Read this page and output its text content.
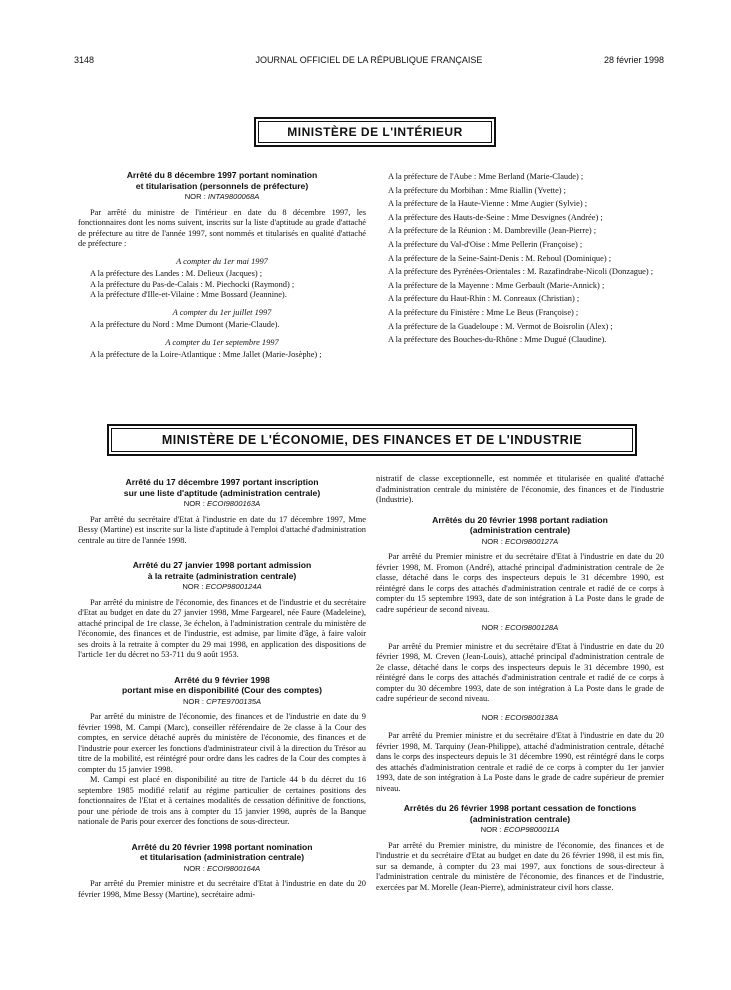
3148	JOURNAL OFFICIEL DE LA RÉPUBLIQUE FRANÇAISE	28 février 1998
MINISTÈRE DE L'INTÉRIEUR
Arrêté du 8 décembre 1997 portant nomination
et titularisation (personnels de préfecture)
NOR : INTA9800068A

Par arrêté du ministre de l'intérieur en date du 8 décembre 1997, les fonctionnaires dont les noms suivent, inscrits sur la liste d'aptitude au grade d'attaché de préfecture au titre de l'année 1997, sont nommés et titularisés en qualité d'attaché de préfecture :

A compter du 1er mai 1997

A la préfecture des Landes : M. Delieux (Jacques) ;

A la préfecture du Pas-de-Calais : M. Piechocki (Raymond) ;

A la préfecture d'Ille-et-Vilaine : Mme Bossard (Jeannine).

A compter du 1er juillet 1997

A la préfecture du Nord : Mme Dumont (Marie-Claude).

A compter du 1er septembre 1997

A la préfecture de la Loire-Atlantique : Mme Jallet (Marie-Josèphe) ;

A la préfecture de l'Aube : Mme Berland (Marie-Claude) ;

A la préfecture du Morbihan : Mme Riallin (Yvette) ;

A la préfecture de la Haute-Vienne : Mme Augier (Sylvie) ;

A la préfecture des Hauts-de-Seine : Mme Desvignes (Andrée) ;

A la préfecture de la Réunion : M. Dambreville (Jean-Pierre) ;

A la préfecture du Val-d'Oise : Mme Pellerin (Françoise) ;

A la préfecture de la Seine-Saint-Denis : M. Reboul (Dominique) ;

A la préfecture des Pyrénées-Orientales : M. Razafindrabe-Nicoli (Donzague) ;

A la préfecture de la Mayenne : Mme Gerbault (Marie-Annick) ;

A la préfecture du Haut-Rhin : M. Conreaux (Christian) ;

A la préfecture du Finistère : Mme Le Beus (Françoise) ;

A la préfecture de la Guadeloupe : M. Vermot de Boisrolin (Alex) ;

A la préfecture des Bouches-du-Rhône : Mme Dugué (Claudine).

MINISTÈRE DE L'ÉCONOMIE, DES FINANCES ET DE L'INDUSTRIE
Arrêté du 17 décembre 1997 portant inscription
sur une liste d'aptitude (administration centrale)
NOR : ECOI9800163A

Par arrêté du secrétaire d'Etat à l'industrie en date du 17 décembre 1997, Mme Bessy (Martine) est inscrite sur la liste d'aptitude à l'emploi d'attaché d'administration centrale au titre de l'année 1998.

Arrêté du 27 janvier 1998 portant admission
à la retraite (administration centrale)
NOR : ECOP9800124A

Par arrêté du ministre de l'économie, des finances et de l'industrie et du secrétaire d'Etat au budget en date du 27 janvier 1998, Mme Fargearel, née Faure (Madeleine), attaché principal de 1re classe, 3e échelon, à l'administration centrale du ministère de l'économie, des finances et de l'industrie, est admise, par limite d'âge, à faire valoir ses droits à la retraite à compter du 29 mai 1998, en application des dispositions de l'article 1er du décret no 53-711 du 9 août 1953.

Arrêté du 9 février 1998
portant mise en disponibilité (Cour des comptes)
NOR : CPTE9700135A

Par arrêté du ministre de l'économie, des finances et de l'industrie en date du 9 février 1998, M. Campi (Marc), conseiller référendaire de 2e classe à la Cour des comptes, en service détaché auprès du ministère de l'économie, des finances et de l'industrie pour exercer les fonctions d'administrateur civil à la direction du Trésor au titre de la mobilité, est réintégré pour ordre dans les cadres de la Cour des comptes à compter du 15 janvier 1998.

M. Campi est placé en disponibilité au titre de l'article 44 b du décret du 16 septembre 1985 modifié relatif au régime particulier de certaines positions des fonctionnaires de l'Etat et à certaines modalités de cessation définitive de fonctions, pour une période de trois ans à compter du 15 janvier 1998, auprès de la Banque nationale de Paris pour exercer des fonctions de sous-directeur.

Arrêté du 20 février 1998 portant nomination
et titularisation (administration centrale)
NOR : ECOI9800164A

Par arrêté du Premier ministre et du secrétaire d'Etat à l'industrie en date du 20 février 1998, Mme Bessy (Martine), secrétaire admi-

nistratif de classe exceptionnelle, est nommée et titularisée en qualité d'attaché d'administration centrale du ministère de l'économie, des finances et de l'industrie (Industrie).

Arrêtés du 20 février 1998 portant radiation
(administration centrale)
NOR : ECOI9800127A

Par arrêté du Premier ministre et du secrétaire d'Etat à l'industrie en date du 20 février 1998, M. Fromon (André), attaché principal d'administration centrale de 2e classe, détaché dans le corps des inspecteurs depuis le 31 décembre 1990, est réintégré dans le corps des attachés d'administration centrale et radié de ce corps à compter du 15 septembre 1993, date de son intégration à La Poste dans le grade de cadre supérieur de second niveau.

NOR : ECOI9800128A

Par arrêté du Premier ministre et du secrétaire d'Etat à l'industrie en date du 20 février 1998, M. Creven (Jean-Louis), attaché principal d'administration centrale de 2e classe, détaché dans le corps des inspecteurs depuis le 31 décembre 1990, est réintégré dans le corps des attachés d'administration centrale et radié de ce corps à compter du 30 décembre 1993, date de son intégration à La Poste dans le grade de cadre supérieur de second niveau.

NOR : ECOI9800138A

Par arrêté du Premier ministre et du secrétaire d'Etat à l'industrie en date du 20 février 1998, M. Tarquiny (Jean-Philippe), attaché d'administration centrale, détaché dans le corps des inspecteurs depuis le 31 décembre 1990, est réintégré dans le corps des attachés d'administration centrale et radié de ce corps à compter du 1er janvier 1993, date de son intégration à La Poste dans le grade de cadre supérieur de premier niveau.

Arrêtés du 26 février 1998 portant cessation de fonctions
(administration centrale)
NOR : ECOP9800011A

Par arrêté du Premier ministre, du ministre de l'économie, des finances et de l'industrie et du secrétaire d'Etat au budget en date du 26 février 1998, il est mis fin, sur sa demande, à compter du 23 mai 1997, aux fonctions de sous-directeur à l'administration centrale du ministère de l'économie, des finances et de l'industrie, exercées par M. Morelle (Jean-Pierre), administrateur civil hors classe.
